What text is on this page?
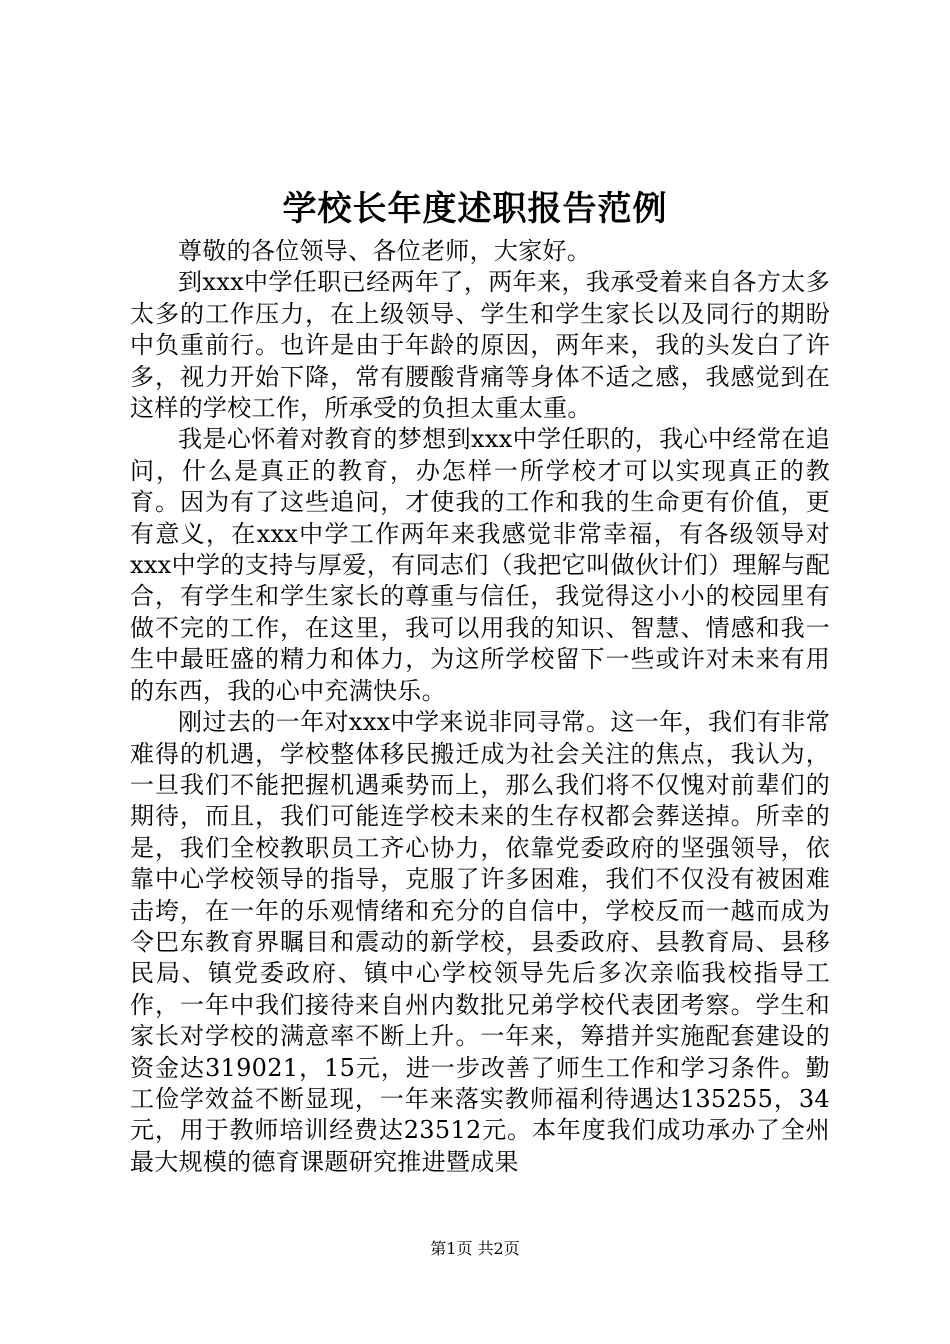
学校长年度述职报告范例

尊敬的各位领导、各位老师，大家好。

到xxx中学任职已经两年了，两年来，我承受着来自各方太多太多的工作压力，在上级领导、学生和学生家长以及同行的期盼中负重前行。也许是由于年龄的原因，两年来，我的头发白了许多，视力开始下降，常有腰酸背痛等身体不适之感，我感觉到在这样的学校工作，所承受的负担太重太重。

我是心怀着对教育的梦想到xxx中学任职的，我心中经常在追问，什么是真正的教育，办怎样一所学校才可以实现真正的教育。因为有了这些追问，才使我的工作和我的生命更有价值，更有意义，在xxx中学工作两年来我感觉非常幸福，有各级领导对xxx中学的支持与厚爱，有同志们（我把它叫做伙计们）理解与配合，有学生和学生家长的尊重与信任，我觉得这小小的校园里有做不完的工作，在这里，我可以用我的知识、智慧、情感和我一生中最旺盛的精力和体力，为这所学校留下一些或许对未来有用的东西，我的心中充满快乐。

刚过去的一年对xxx中学来说非同寻常。这一年，我们有非常难得的机遇，学校整体移民搬迁成为社会关注的焦点，我认为，一旦我们不能把握机遇乘势而上，那么我们将不仅愧对前辈们的期待，而且，我们可能连学校未来的生存权都会葬送掉。所幸的是，我们全校教职员工齐心协力，依靠党委政府的坚强领导，依靠中心学校领导的指导，克服了许多困难，我们不仅没有被困难击垮，在一年的乐观情绪和充分的自信中，学校反而一越而成为令巴东教育界瞩目和震动的新学校，县委政府、县教育局、县移民局、镇党委政府、镇中心学校领导先后多次亲临我校指导工作，一年中我们接待来自州内数批兄弟学校代表团考察。学生和家长对学校的满意率不断上升。一年来，筹措并实施配套建设的资金达319021，15元，进一步改善了师生工作和学习条件。勤工俭学效益不断显现，一年来落实教师福利待遇达135255，34元，用于教师培训经费达23512元。本年度我们成功承办了全州最大规模的德育课题研究推进暨成果

第1页 共2页
